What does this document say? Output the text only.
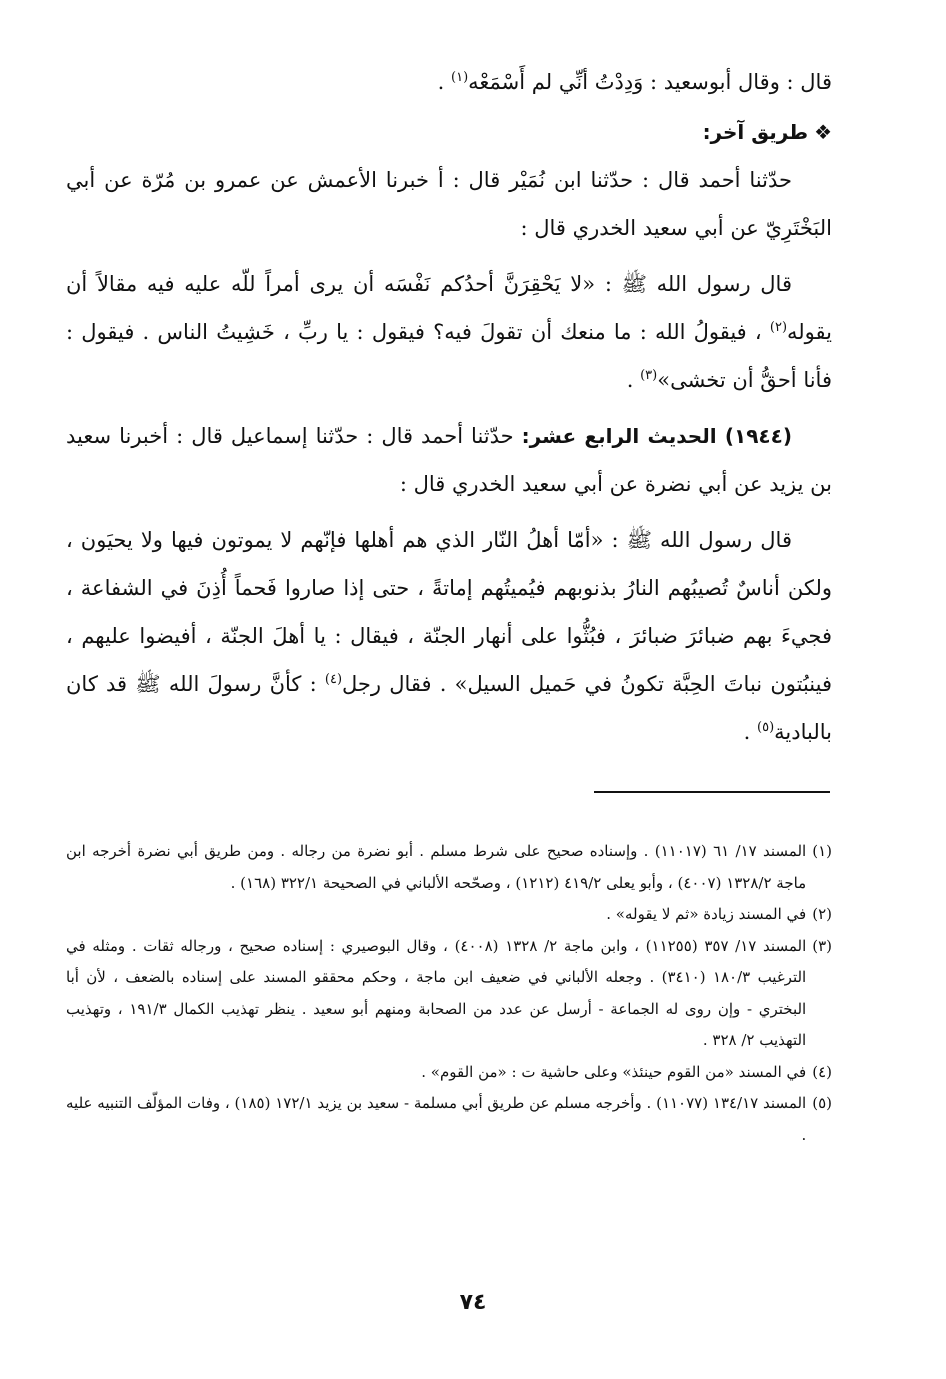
قال : وقال أبوسعيد : وَدِدْتُ أنِّي لم أَسْمَعْه$^{(١)}$ .

❖طريق آخر:

حدّثنا أحمد قال : حدّثنا ابن نُمَيْر قال : أ خبرنا الأعمش عن عمرو بن مُرّة عن أبي البَخْتَرِيّ عن أبي سعيد الخدري قال :

قال رسول الله ﷺ : «لا يَحْقِرَنَّ أحدُكم نَفْسَه أن يرى أمراً للّه عليه فيه مقالاً أن يقوله$^{(٢)}$ ، فيقولُ الله : ما منعك أن تقولَ فيه؟ فيقول : يا ربِّ ، خَشِيتُ الناس . فيقول : فأنا أحقُّ أن تخشى»$^{(٣)}$ .

(١٩٤٤) الحديث الرابع عشر: حدّثنا أحمد قال : حدّثنا إسماعيل قال : أخبرنا سعيد بن يزيد عن أبي نضرة عن أبي سعيد الخدري قال :

قال رسول الله ﷺ : «أمّا أهلُ النّار الذي هم أهلها فإنّهم لا يموتون فيها ولا يحيَون ، ولكن أناسٌ تُصيبُهم النارُ بذنوبهم فيُميتُهم إماتةً ، حتى إذا صاروا فَحماً أُذِنَ في الشفاعة ، فجيءَ بهم ضبائرَ ضبائرَ ، فبُثُّوا على أنهار الجنّة ، فيقال : يا أهلَ الجنّة ، أفيضوا عليهم ، فينبُتون نباتَ الحِبَّة تكونُ في حَميل السيل» . فقال رجل$^{(٤)}$ : كأنَّ رسولَ الله ﷺ قد كان بالبادية$^{(٥)}$ .

(١)
المسند ١٧/ ٦١ (١١٠١٧) . وإسناده صحيح على شرط مسلم . أبو نضرة من رجاله . ومن طريق أبي نضرة أخرجه ابن ماجة ١٣٢٨/٢ (٤٠٠٧) ، وأبو يعلى ٤١٩/٢ (١٢١٢) ، وصحّحه الألباني في الصحيحة ٣٢٢/١ (١٦٨) .
(٢)
في المسند زيادة «ثم لا يقوله» .
(٣)
المسند ١٧/ ٣٥٧ (١١٢٥٥) ، وابن ماجة ٢/ ١٣٢٨ (٤٠٠٨) ، وقال البوصيري : إسناده صحيح ، ورجاله ثقات . ومثله في الترغيب ١٨٠/٣ (٣٤١٠) . وجعله الألباني في ضعيف ابن ماجة ، وحكم محققو المسند على إسناده بالضعف ، لأن أبا البختري - وإن روى له الجماعة - أرسل عن عدد من الصحابة ومنهم أبو سعيد . ينظر تهذيب الكمال ١٩١/٣ ، وتهذيب التهذيب ٢/ ٣٢٨ .
(٤)
في المسند «من القوم حينئذ» وعلى حاشية ت : «من القوم» .
(٥)
المسند ١٣٤/١٧ (١١٠٧٧) . وأخرجه مسلم عن طريق أبي مسلمة - سعيد بن يزيد ١٧٢/١ (١٨٥) ، وفات المؤلّف التنبيه عليه .
٧٤
